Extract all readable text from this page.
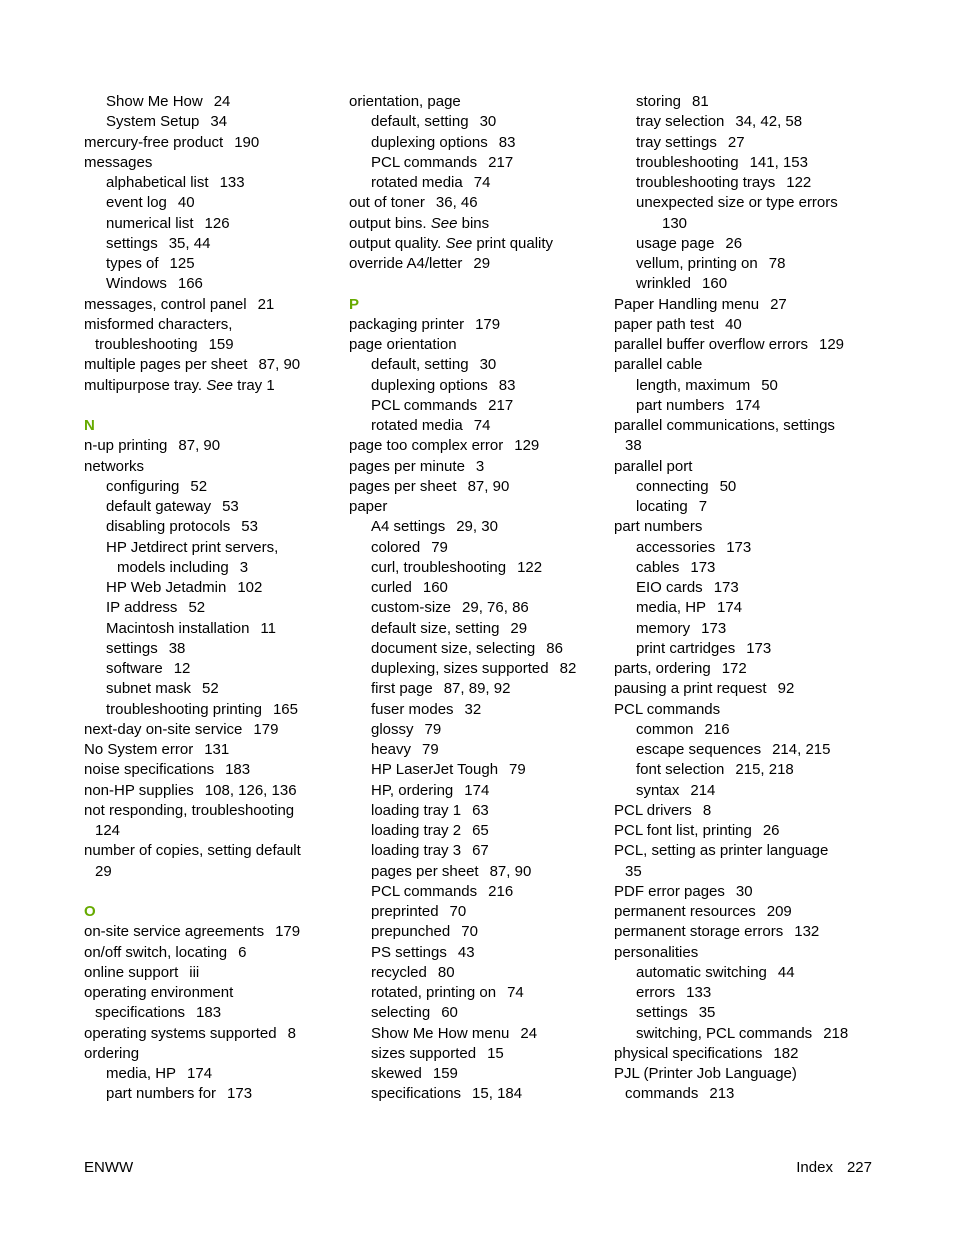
Show Me How 24
System Setup 34
mercury-free product 190
messages
alphabetical list 133
event log 40
numerical list 126
settings 35, 44
types of 125
Windows 166
messages, control panel 21
misformed characters,
troubleshooting 159
multiple pages per sheet 87, 90
multipurpose tray. See tray 1
N
n-up printing 87, 90
networks
configuring 52
default gateway 53
disabling protocols 53
HP Jetdirect print servers,
models including 3
HP Web Jetadmin 102
IP address 52
Macintosh installation 11
settings 38
software 12
subnet mask 52
troubleshooting printing 165
next-day on-site service 179
No System error 131
noise specifications 183
non-HP supplies 108, 126, 136
not responding, troubleshooting
124
number of copies, setting default
29
O
on-site service agreements 179
on/off switch, locating 6
online support iii
operating environment
specifications 183
operating systems supported 8
ordering
media, HP 174
part numbers for 173
orientation, page
default, setting 30
duplexing options 83
PCL commands 217
rotated media 74
out of toner 36, 46
output bins. See bins
output quality. See print quality
override A4/letter 29
P
packaging printer 179
page orientation
default, setting 30
duplexing options 83
PCL commands 217
rotated media 74
page too complex error 129
pages per minute 3
pages per sheet 87, 90
paper
A4 settings 29, 30
colored 79
curl, troubleshooting 122
curled 160
custom-size 29, 76, 86
default size, setting 29
document size, selecting 86
duplexing, sizes supported 82
first page 87, 89, 92
fuser modes 32
glossy 79
heavy 79
HP LaserJet Tough 79
HP, ordering 174
loading tray 1 63
loading tray 2 65
loading tray 3 67
pages per sheet 87, 90
PCL commands 216
preprinted 70
prepunched 70
PS settings 43
recycled 80
rotated, printing on 74
selecting 60
Show Me How menu 24
sizes supported 15
skewed 159
specifications 15, 184
storing 81
tray selection 34, 42, 58
tray settings 27
troubleshooting 141, 153
troubleshooting trays 122
unexpected size or type errors
130
usage page 26
vellum, printing on 78
wrinkled 160
Paper Handling menu 27
paper path test 40
parallel buffer overflow errors 129
parallel cable
length, maximum 50
part numbers 174
parallel communications, settings
38
parallel port
connecting 50
locating 7
part numbers
accessories 173
cables 173
EIO cards 173
media, HP 174
memory 173
print cartridges 173
parts, ordering 172
pausing a print request 92
PCL commands
common 216
escape sequences 214, 215
font selection 215, 218
syntax 214
PCL drivers 8
PCL font list, printing 26
PCL, setting as printer language
35
PDF error pages 30
permanent resources 209
permanent storage errors 132
personalities
automatic switching 44
errors 133
settings 35
switching, PCL commands 218
physical specifications 182
PJL (Printer Job Language)
commands 213
ENWW	Index 227
